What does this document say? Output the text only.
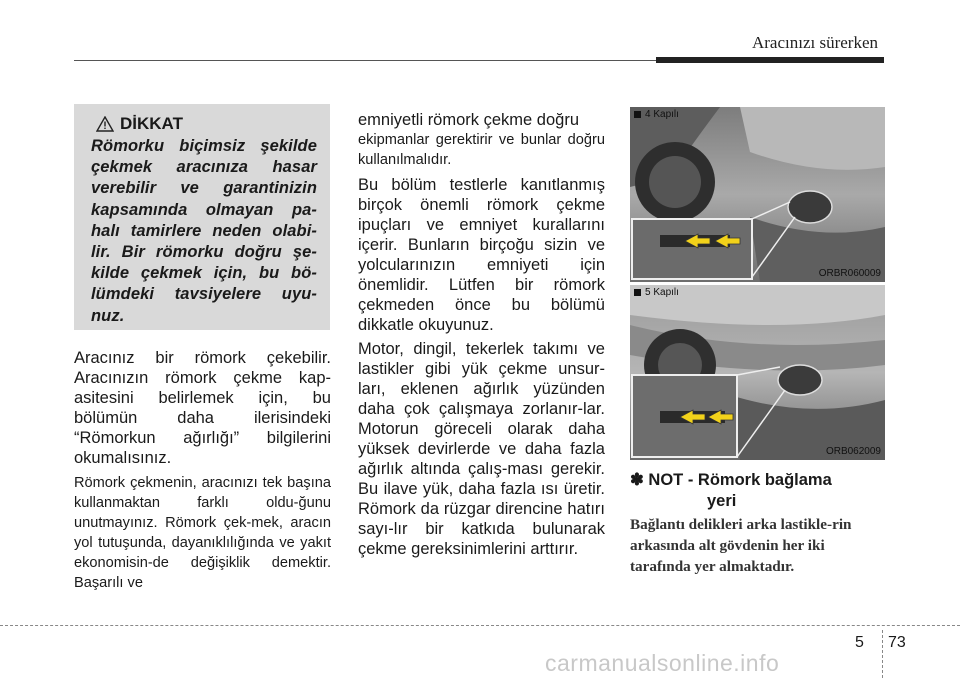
Aracınızı sürerken
DİKKAT
Römorku biçimsiz şekilde çekmek aracınıza hasar verebilir ve garantinizin kapsamında olmayan pa-halı tamirlere neden olabi-lir. Bir römorku doğru şe-kilde çekmek için, bu bö-lümdeki tavsiyelere uyu-nuz.

Aracınız bir römork çekebilir. Aracınızın römork çekme kap-asitesini belirlemek için, bu bölümün daha ilerisindeki “Römorkun ağırlığı” bilgilerini okumalısınız.

Römork çekmenin, aracınızı tek başına kullanmaktan farklı oldu-ğunu unutmayınız. Römork çek-mek, aracın yol tutuşunda, dayanıklılığında ve yakıt ekonomisin-de değişiklik demektir. Başarılı ve

emniyetli römork çekme doğru

ekipmanlar gerektirir ve bunlar doğru kullanılmalıdır.

Bu bölüm testlerle kanıtlanmış birçok önemli römork çekme ipuçları ve emniyet kurallarını içerir. Bunların birçoğu sizin ve yolcularınızın emniyeti için önemlidir. Lütfen bir römork çekmeden önce bu bölümü dikkatle okuyunuz.

Motor, dingil, tekerlek takımı ve lastikler gibi yük çekme unsur-ları, eklenen ağırlık yüzünden daha çok çalışmaya zorlanır-lar. Motorun göreceli olarak daha yüksek devirlerde ve daha fazla ağırlık altında çalış-ması gerekir. Bu ilave yük, daha fazla ısı üretir. Römork da rüzgar direncine hatırı sayı-lır bir katkıda bulunarak çekme gereksinimlerini arttırır.

4 Kapılı
ORBR060009
5 Kapılı
ORB062009
✽ NOT - Römork bağlama
yeri
Bağlantı delikleri arka lastikle-rin arkasında alt gövdenin her iki tarafında yer almaktadır.
5 73
carmanualsonline.info
